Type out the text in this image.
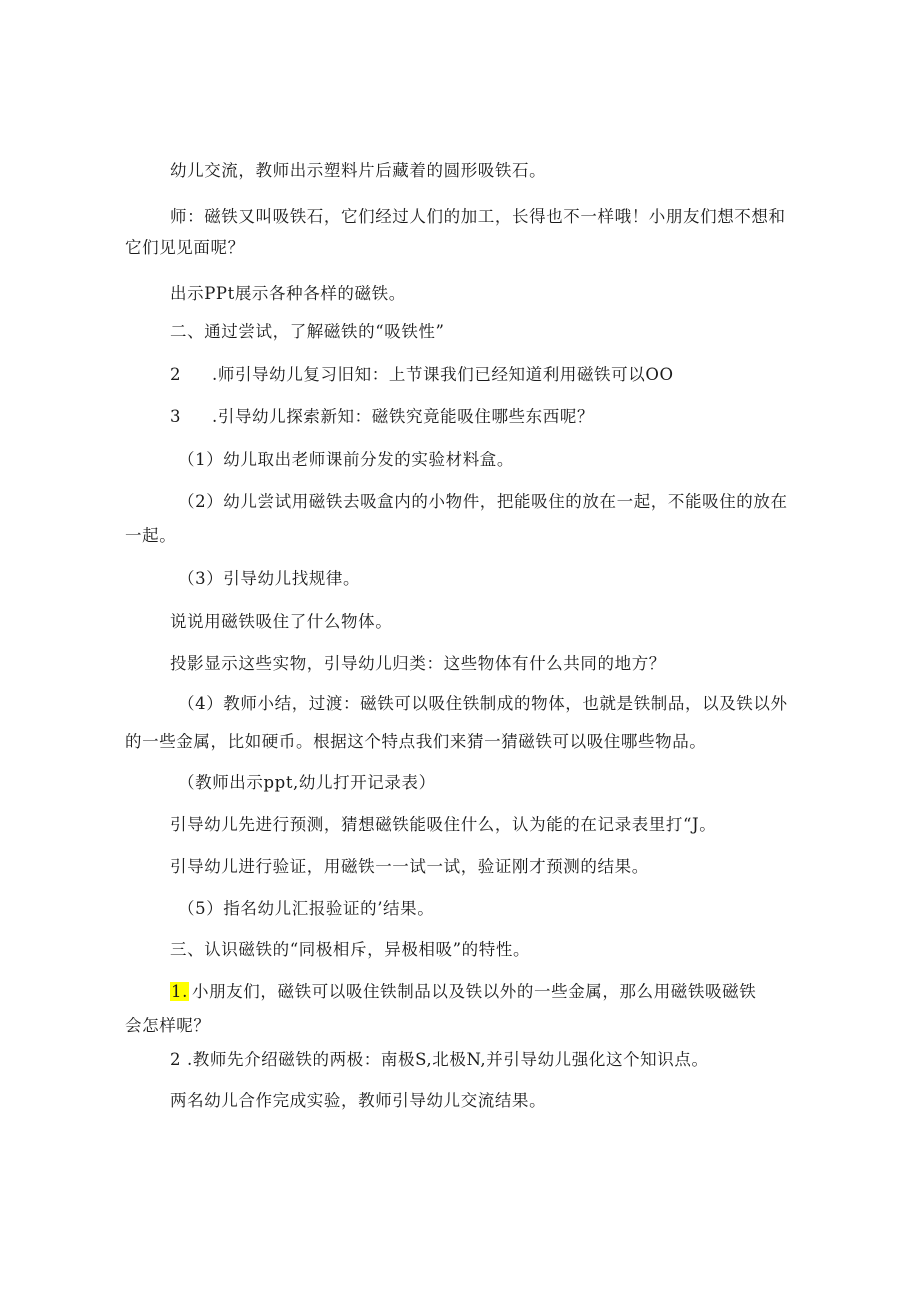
幼儿交流，教师出示塑料片后藏着的圆形吸铁石。
师：磁铁又叫吸铁石，它们经过人们的加工，长得也不一样哦！小朋友们想不想和
它们见见面呢？
出示PPt展示各种各样的磁铁。
二、通过尝试，了解磁铁的“吸铁性”
2 .师引导幼儿复习旧知：上节课我们已经知道利用磁铁可以OO
3 .引导幼儿探索新知：磁铁究竟能吸住哪些东西呢？
（1）幼儿取出老师课前分发的实验材料盒。
（2）幼儿尝试用磁铁去吸盒内的小物件，把能吸住的放在一起，不能吸住的放在
一起。
（3）引导幼儿找规律。
说说用磁铁吸住了什么物体。
投影显示这些实物，引导幼儿归类：这些物体有什么共同的地方？
（4）教师小结，过渡：磁铁可以吸住铁制成的物体，也就是铁制品，以及铁以外
的一些金属，比如硬币。根据这个特点我们来猜一猜磁铁可以吸住哪些物品。
（教师出示ppt,幼儿打开记录表）
引导幼儿先进行预测，猜想磁铁能吸住什么，认为能的在记录表里打“J。
引导幼儿进行验证，用磁铁一一试一试，验证刚才预测的结果。
（5）指名幼儿汇报验证的’结果。
三、认识磁铁的“同极相斥，异极相吸”的特性。
1. 小朋友们，磁铁可以吸住铁制品以及铁以外的一些金属，那么用磁铁吸磁铁
会怎样呢？
2 .教师先介绍磁铁的两极：南极S,北极N,并引导幼儿强化这个知识点。
两名幼儿合作完成实验，教师引导幼儿交流结果。
